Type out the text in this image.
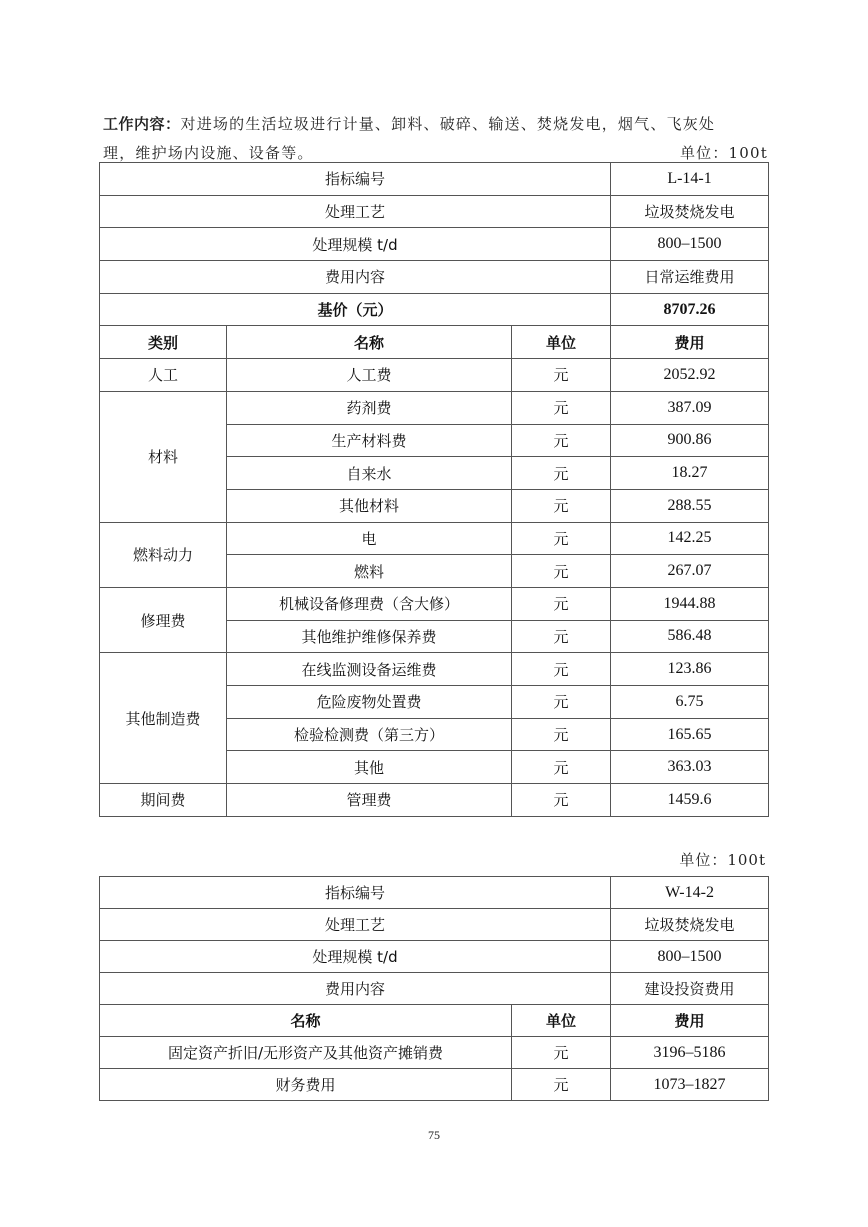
工作内容：对进场的生活垃圾进行计量、卸料、破碎、输送、焚烧发电，烟气、飞灰处
理，维护场内设施、设备等。	单位：100t
指标编号			L-14-1
处理工艺			垃圾焚烧发电
处理规模 t/d			800–1500
费用内容			日常运维费用
基价（元）			8707.26
类别	名称	单位	费用
人工	人工费	元	2052.92
材料	药剂费	元	387.09
	生产材料费	元	900.86
	自来水	元	18.27
	其他材料	元	288.55
燃料动力	电	元	142.25
	燃料	元	267.07
修理费	机械设备修理费（含大修）	元	1944.88
	其他维护维修保养费	元	586.48
其他制造费	在线监测设备运维费	元	123.86
	危险废物处置费	元	6.75
	检验检测费（第三方）	元	165.65
	其他	元	363.03
期间费	管理费	元	1459.6
单位：100t
指标编号		W-14-2
处理工艺		垃圾焚烧发电
处理规模 t/d		800–1500
费用内容		建设投资费用
名称	单位	费用
固定资产折旧/无形资产及其他资产摊销费	元	3196–5186
财务费用	元	1073–1827
75
